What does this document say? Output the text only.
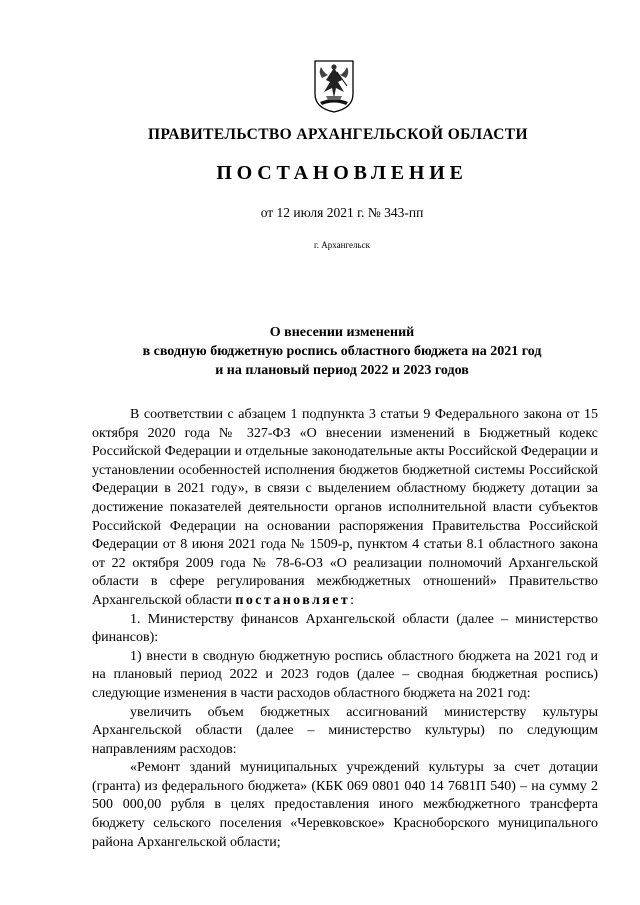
ПРАВИТЕЛЬСТВО АРХАНГЕЛЬСКОЙ ОБЛАСТИ
ПОСТАНОВЛЕНИЕ
от 12 июля 2021 г. № 343-пп
г. Архангельск
О внесении изменений
в сводную бюджетную роспись областного бюджета на 2021 год
и на плановый период 2022 и 2023 годов

В соответствии с абзацем 1 подпункта 3 статьи 9 Федерального закона от 15 октября 2020 года № 327-ФЗ «О внесении изменений в Бюджетный кодекс Российской Федерации и отдельные законодательные акты Российской Федерации и установлении особенностей исполнения бюджетов бюджетной системы Российской Федерации в 2021 году», в связи с выделением областному бюджету дотации за достижение показателей деятельности органов исполнительной власти субъектов Российской Федерации на основании распоряжения Правительства Российской Федерации от 8 июня 2021 года № 1509-р, пунктом 4 статьи 8.1 областного закона от 22 октября 2009 года № 78-6-ОЗ «О реализации полномочий Архангельской области в сфере регулирования межбюджетных отношений» Правительство Архангельской области постановляет:

1. Министерству финансов Архангельской области (далее – министерство финансов):

1) внести в сводную бюджетную роспись областного бюджета на 2021 год и на плановый период 2022 и 2023 годов (далее – сводная бюджетная роспись) следующие изменения в части расходов областного бюджета на 2021 год:

увеличить объем бюджетных ассигнований министерству культуры Архангельской области (далее – министерство культуры) по следующим направлениям расходов:

«Ремонт зданий муниципальных учреждений культуры за счет дотации (гранта) из федерального бюджета» (КБК 069 0801 040 14 7681П 540) – на сумму 2 500 000,00 рубля в целях предоставления иного межбюджетного трансферта бюджету сельского поселения «Черевковское» Красноборского муниципального района Архангельской области;
